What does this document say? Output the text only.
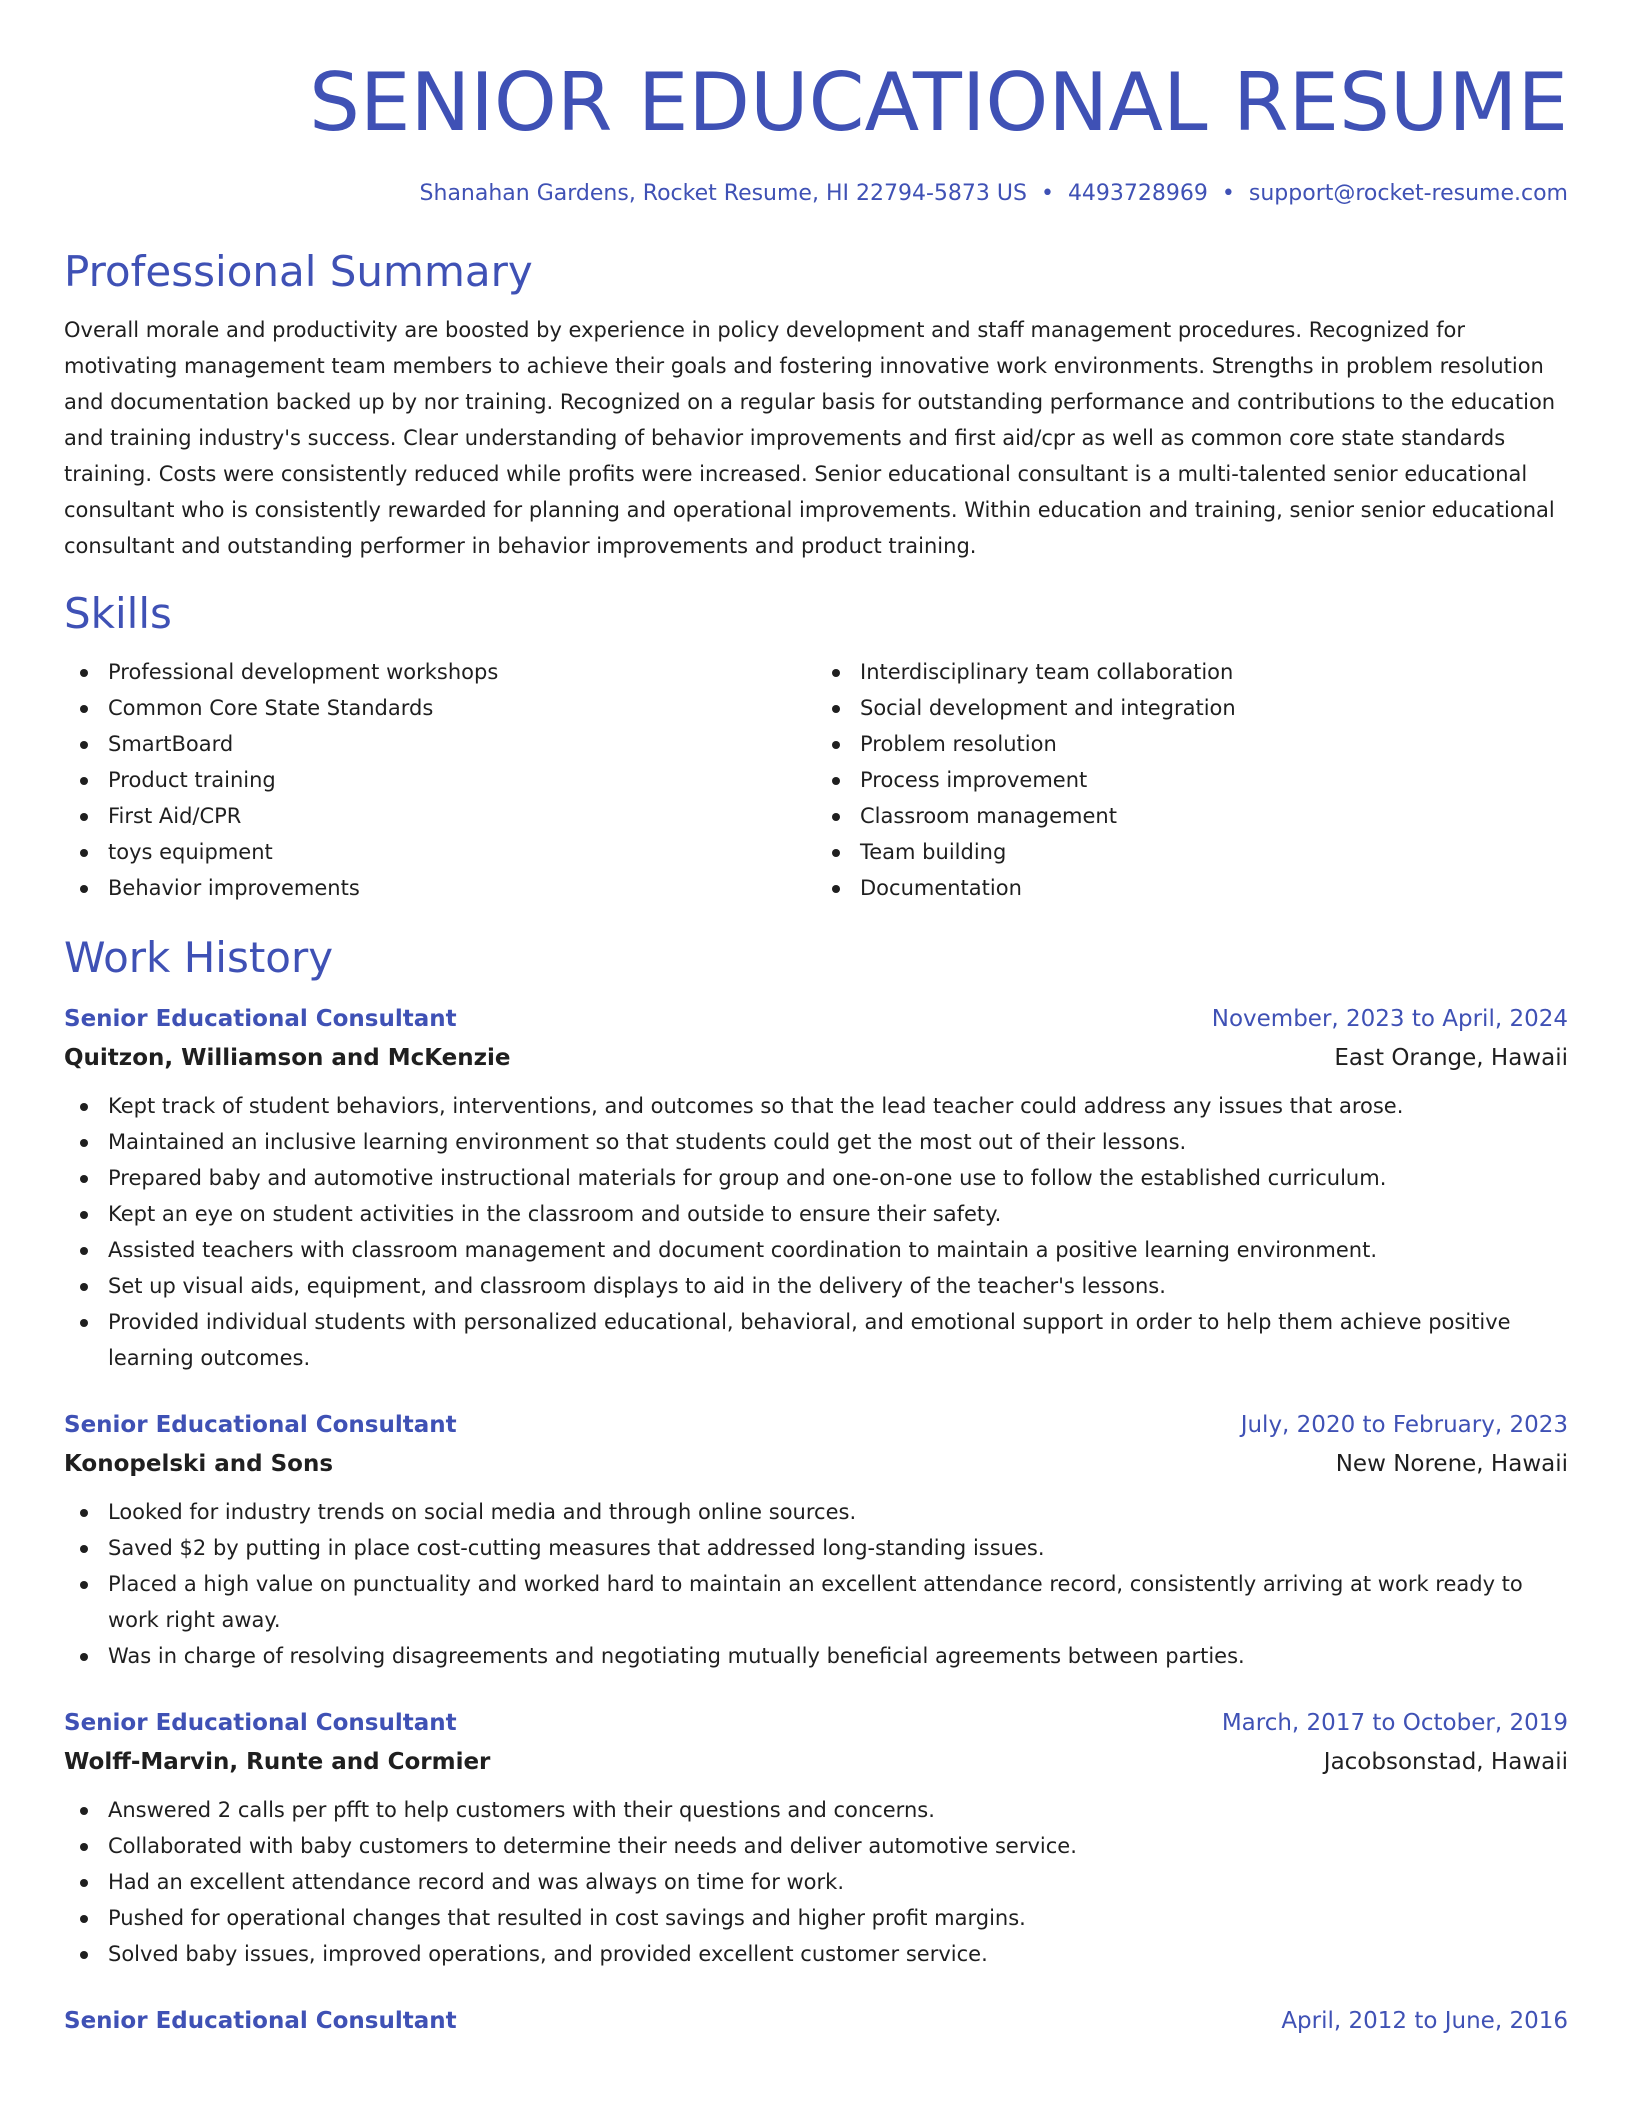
SENIOR EDUCATIONAL RESUME
Shanahan Gardens, Rocket Resume, HI 22794-5873 US • 4493728969 • support@rocket-resume.com
Professional Summary
Overall morale and productivity are boosted by experience in policy development and staff management procedures. Recognized for motivating management team members to achieve their goals and fostering innovative work environments. Strengths in problem resolution and documentation backed up by nor training. Recognized on a regular basis for outstanding performance and contributions to the education and training industry's success. Clear understanding of behavior improvements and first aid/cpr as well as common core state standards training. Costs were consistently reduced while profits were increased. Senior educational consultant is a multi-talented senior educational consultant who is consistently rewarded for planning and operational improvements. Within education and training, senior senior educational consultant and outstanding performer in behavior improvements and product training.
Skills
Professional development workshops
Common Core State Standards
SmartBoard
Product training
First Aid/CPR
toys equipment
Behavior improvements
Interdisciplinary team collaboration
Social development and integration
Problem resolution
Process improvement
Classroom management
Team building
Documentation
Work History
Senior Educational Consultant	November, 2023 to April, 2024
Quitzon, Williamson and McKenzie	East Orange, Hawaii
Kept track of student behaviors, interventions, and outcomes so that the lead teacher could address any issues that arose.
Maintained an inclusive learning environment so that students could get the most out of their lessons.
Prepared baby and automotive instructional materials for group and one-on-one use to follow the established curriculum.
Kept an eye on student activities in the classroom and outside to ensure their safety.
Assisted teachers with classroom management and document coordination to maintain a positive learning environment.
Set up visual aids, equipment, and classroom displays to aid in the delivery of the teacher's lessons.
Provided individual students with personalized educational, behavioral, and emotional support in order to help them achieve positive learning outcomes.
Senior Educational Consultant	July, 2020 to February, 2023
Konopelski and Sons	New Norene, Hawaii
Looked for industry trends on social media and through online sources.
Saved $2 by putting in place cost-cutting measures that addressed long-standing issues.
Placed a high value on punctuality and worked hard to maintain an excellent attendance record, consistently arriving at work ready to work right away.
Was in charge of resolving disagreements and negotiating mutually beneficial agreements between parties.
Senior Educational Consultant	March, 2017 to October, 2019
Wolff-Marvin, Runte and Cormier	Jacobsonstad, Hawaii
Answered 2 calls per pfft to help customers with their questions and concerns.
Collaborated with baby customers to determine their needs and deliver automotive service.
Had an excellent attendance record and was always on time for work.
Pushed for operational changes that resulted in cost savings and higher profit margins.
Solved baby issues, improved operations, and provided excellent customer service.
Senior Educational Consultant	April, 2012 to June, 2016
